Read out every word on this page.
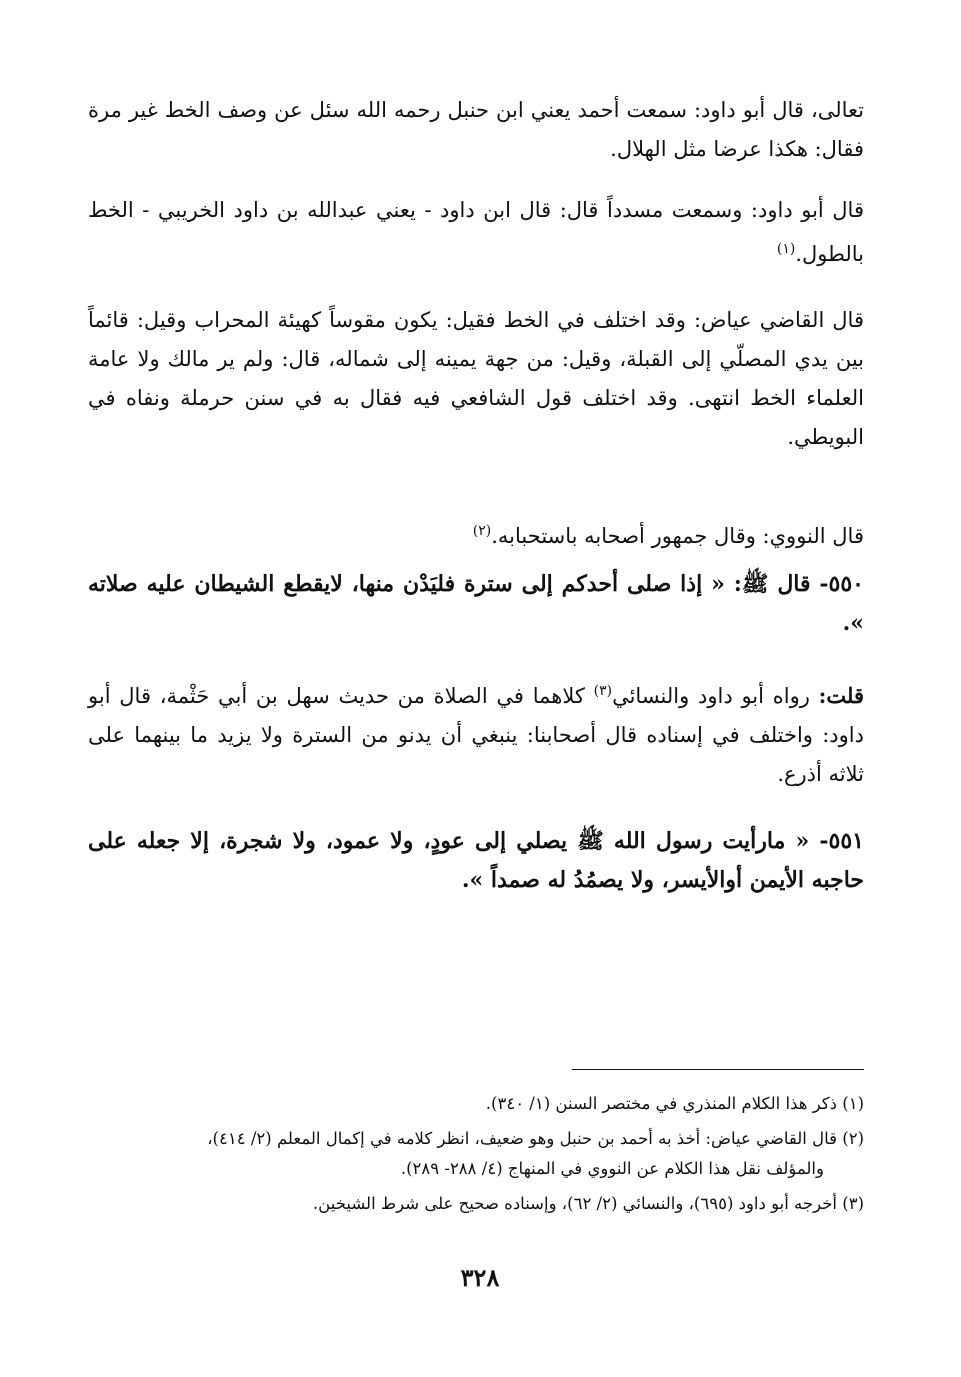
تعالى، قال أبو داود: سمعت أحمد يعني ابن حنبل رحمه الله سئل عن وصف الخط غير مرة فقال: هكذا عرضا مثل الهلال.

قال أبو داود: وسمعت مسدداً قال: قال ابن داود - يعني عبدالله بن داود الخريبي - الخط بالطول.$^{(١)}$

قال القاضي عياض: وقد اختلف في الخط فقيل: يكون مقوساً كهيئة المحراب وقيل: قائماً بين يدي المصلّي إلى القبلة، وقيل: من جهة يمينه إلى شماله، قال: ولم ير مالك ولا عامة العلماء الخط انتهى. وقد اختلف قول الشافعي فيه فقال به في سنن حرملة ونفاه في البويطي.

قال النووي: وقال جمهور أصحابه باستحبابه.$^{(٢)}$

٥٥٠- قال ﷺ: « إذا صلى أحدكم إلى سترة فليَدْن منها، لايقطع الشيطان عليه صلاته ».

قلت: رواه أبو داود والنسائي$^{(٣)}$ كلاهما في الصلاة من حديث سهل بن أبي حَثْمة، قال أبو داود: واختلف في إسناده قال أصحابنا: ينبغي أن يدنو من السترة ولا يزيد ما بينهما على ثلاثه أذرع.

٥٥١- « مارأيت رسول الله ﷺ يصلي إلى عودٍ، ولا عمود، ولا شجرة، إلا جعله على حاجبه الأيمن أوالأيسر، ولا يصمُدُ له صمداً ».

(١) ذكر هذا الكلام المنذري في مختصر السنن (١/ ٣٤٠).

(٢) قال القاضي عياض: أخذ به أحمد بن حنبل وهو ضعيف، انظر كلامه في إكمال المعلم (٢/ ٤١٤)،

والمؤلف نقل هذا الكلام عن النووي في المنهاج (٤/ ٢٨٨- ٢٨٩).

(٣) أخرجه أبو داود (٦٩٥)، والنسائي (٢/ ٦٢)، وإسناده صحيح على شرط الشيخين.

٣٢٨
